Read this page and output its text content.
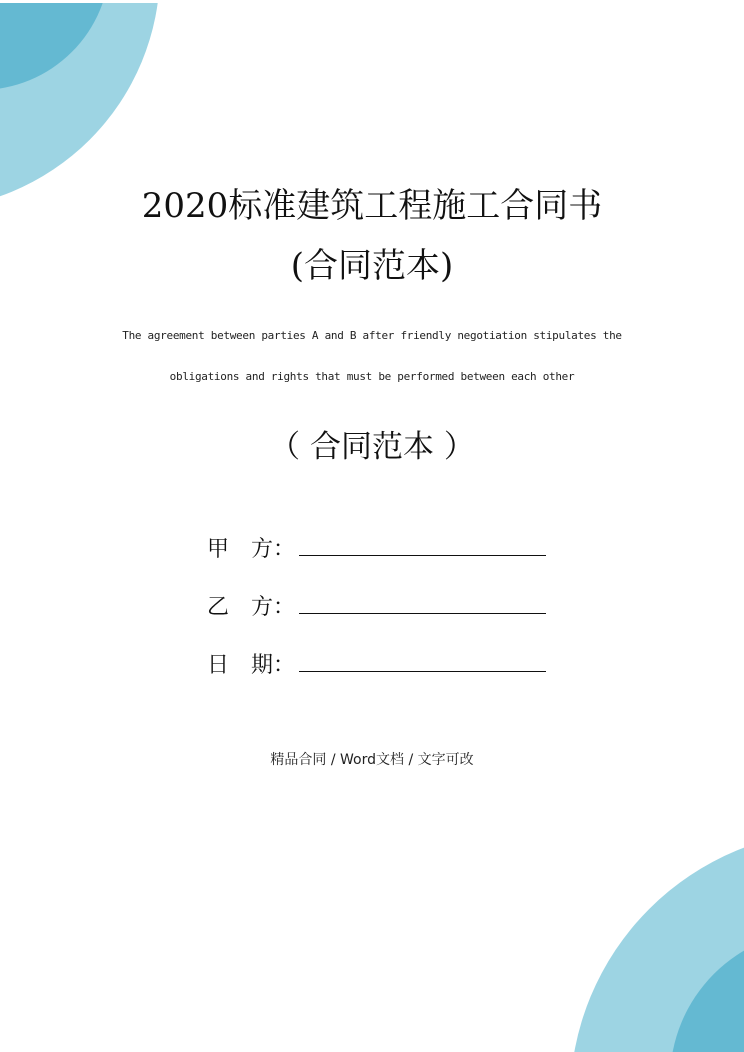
2020标准建筑工程施工合同书
(合同范本)
The agreement between parties A and B after friendly negotiation stipulates the
obligations and rights that must be performed between each other
（ 合同范本 ）
甲　方：
乙　方：
日　期：
精品合同 / Word文档 / 文字可改
